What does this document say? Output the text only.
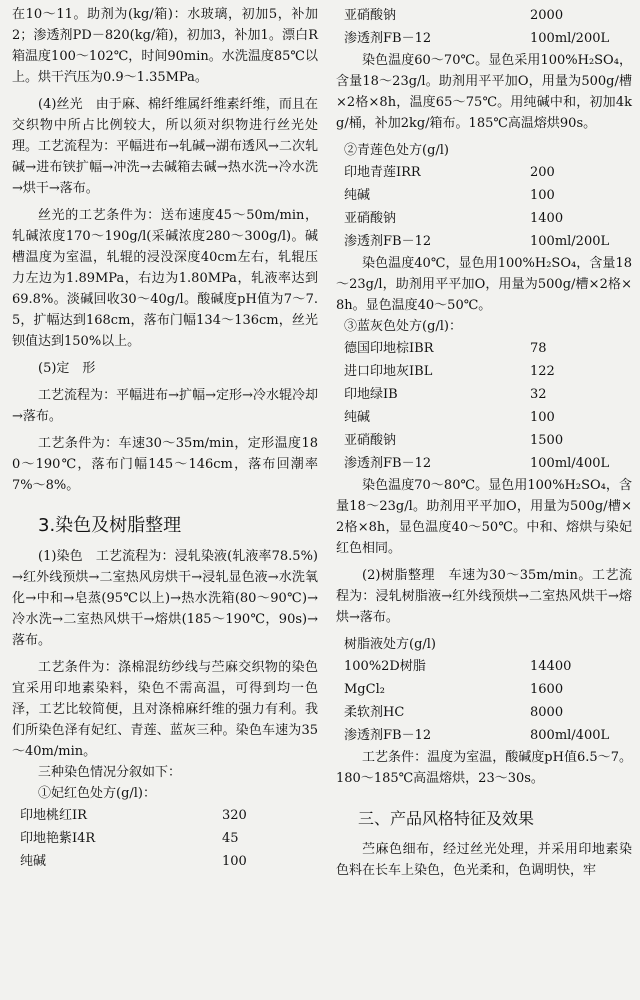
在10～11。助剂为(kg/箱)：水玻璃，初加5，补加2；渗透剂PD－820(kg/箱)，初加3，补加1。漂白R箱温度100～102℃，时间90min。水洗温度85℃以上。烘干汽压为0.9～1.35MPa。

(4)丝光　由于麻、棉纤维属纤维素纤维，而且在交织物中所占比例较大，所以须对织物进行丝光处理。工艺流程为：平幅进布→轧碱→湖布透风→二次轧碱→进布铗扩幅→冲洗→去碱箱去碱→热水洗→冷水洗→烘干→落布。

丝光的工艺条件为：送布速度45～50m/min，轧碱浓度170～190g/l(采碱浓度280～300g/l)。碱槽温度为室温，轧辊的浸没深度40cm左右，轧辊压力左边为1.89MPa，右边为1.80MPa，轧液率达到69.8%。淡碱回收30～40g/l。酸碱度pH值为7～7.5，扩幅达到168cm，落布门幅134～136cm，丝光钡值达到150%以上。

(5)定　形

工艺流程为：平幅进布→扩幅→定形→冷水辊冷却→落布。

工艺条件为：车速30～35m/min，定形温度180～190℃，落布门幅145～146cm，落布回潮率7%～8%。

3.染色及树脂整理

(1)染色　工艺流程为：浸轧染液(轧液率78.5%)→红外线预烘→二室热风房烘干→浸轧显色液→水洗氧化→中和→皂蒸(95℃以上)→热水洗箱(80～90℃)→冷水洗→二室热风烘干→熔烘(185～190℃，90s)→落布。

工艺条件为：涤棉混纺纱线与苎麻交织物的染色宜采用印地素染料，染色不需高温，可得到均一色泽，工艺比较简便，且对涤棉麻纤维的强力有利。我们所染色泽有妃红、青莲、蓝灰三种。染色车速为35～40m/min。

三种染色情况分叙如下：

①妃红色处方(g/l)：

印地桃红IR	320
印地艳紫I4R	45
纯碱	100
亚硝酸钠	2000
渗透剂FB－12	100ml/200L

染色温度60～70℃。显色采用100%H₂SO₄，含量18～23g/l。助剂用平平加O，用量为500g/槽×2格×8h，温度65～75℃。用纯碱中和，初加4kg/桶，补加2kg/箱布。185℃高温熔烘90s。

②青莲色处方(g/l)

印地青莲IRR	200
纯碱	100
亚硝酸钠	1400
渗透剂FB－12	100ml/200L

染色温度40℃，显色用100%H₂SO₄，含量18～23g/l，助剂用平平加O，用量为500g/槽×2格×8h。显色温度40～50℃。

③蓝灰色处方(g/l)：

德国印地棕IBR	78
进口印地灰IBL	122
印地绿IB	32
纯碱	100
亚硝酸钠	1500
渗透剂FB－12	100ml/400L

染色温度70～80℃。显色用100%H₂SO₄，含量18～23g/l。助剂用平平加O，用量为500g/槽×2格×8h，显色温度40～50℃。中和、熔烘与染妃红色相同。

(2)树脂整理　车速为30～35m/min。工艺流程为：浸轧树脂液→红外线预烘→二室热风烘干→熔烘→落布。

树脂液处方(g/l)

100%2D树脂	14400
MgCl₂	1600
柔软剂HC	8000
渗透剂FB－12	800ml/400L

工艺条件：温度为室温，酸碱度pH值6.5～7。180～185℃高温熔烘，23～30s。

三、产品风格特征及效果

苎麻色细布，经过丝光处理，并采用印地素染色料在长车上染色，色光柔和，色调明快，牢
